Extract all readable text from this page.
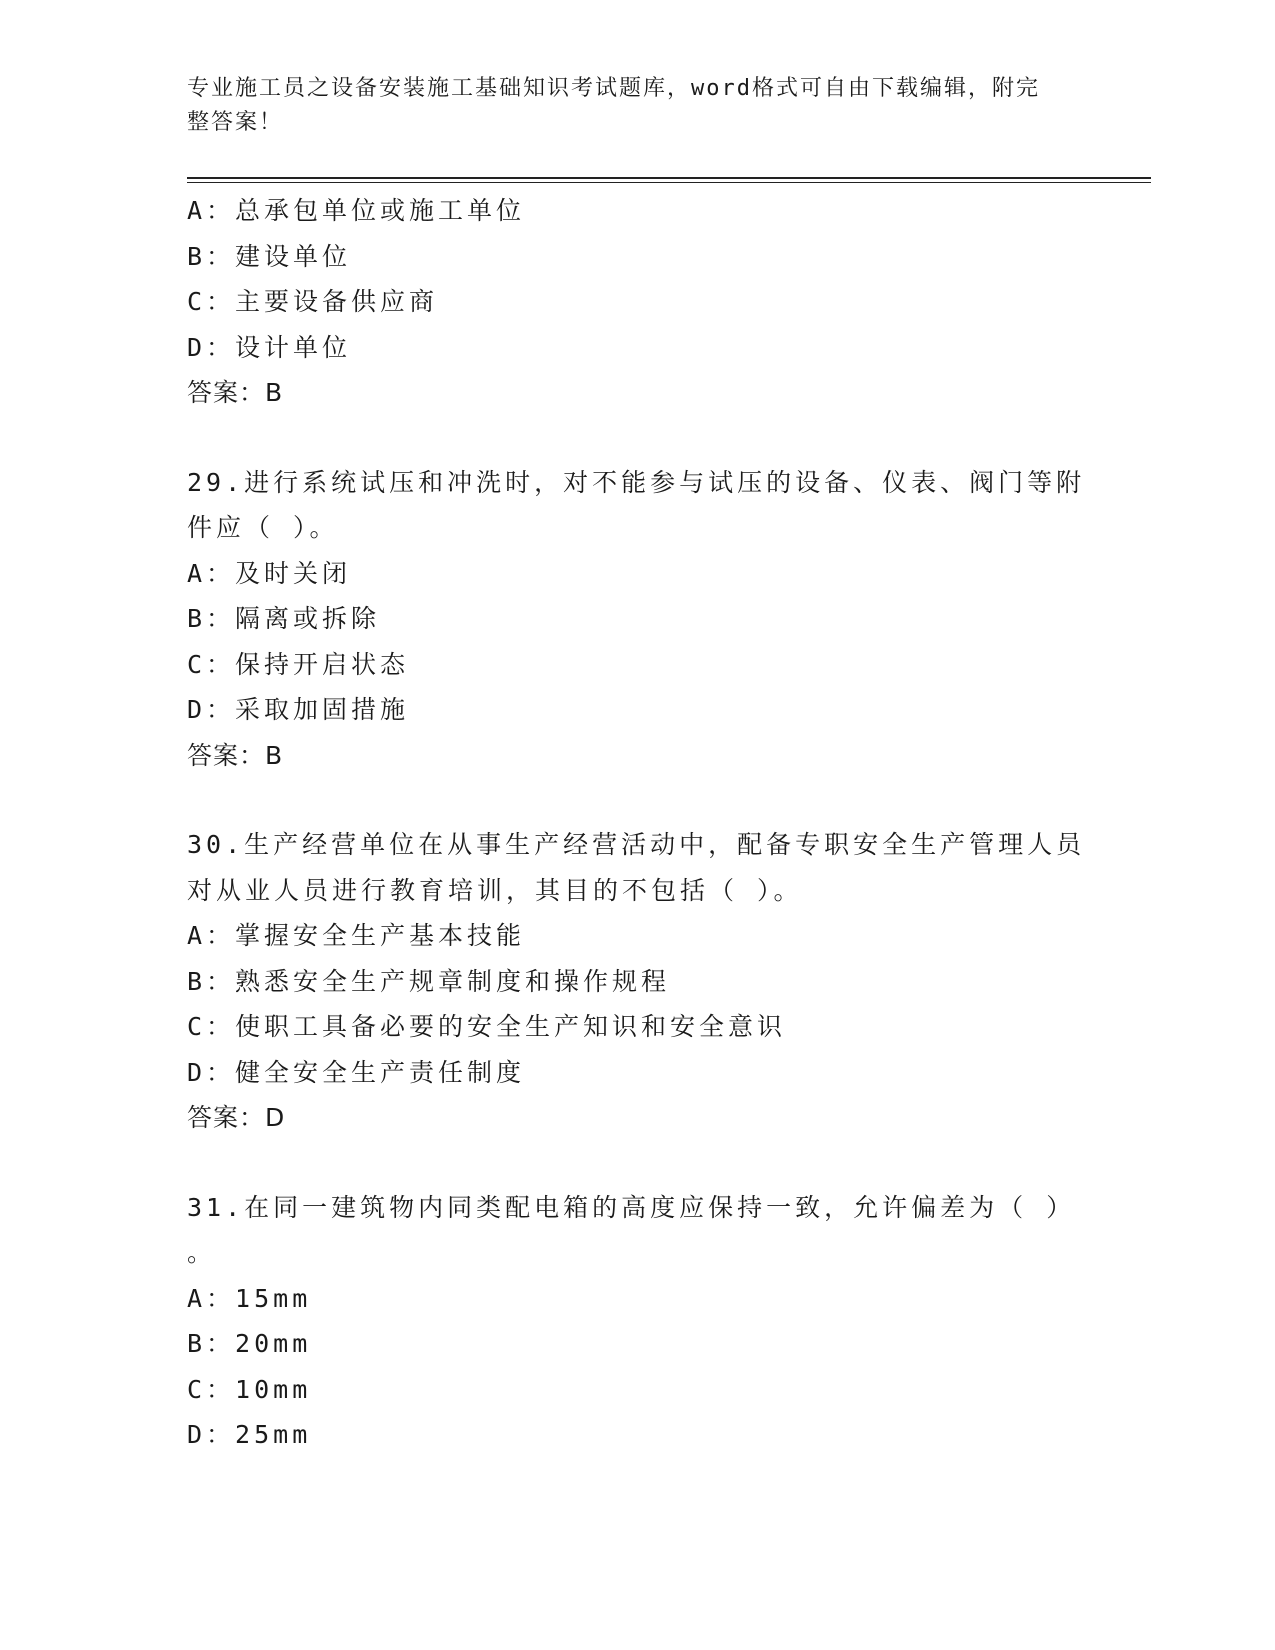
专业施工员之设备安装施工基础知识考试题库，word格式可自由下载编辑，附完
整答案！
A：总承包单位或施工单位
B：建设单位
C：主要设备供应商
D：设计单位
答案：B
29.进行系统试压和冲洗时，对不能参与试压的设备、仪表、阀门等附
件应（ ）。
A：及时关闭
B：隔离或拆除
C：保持开启状态
D：采取加固措施
答案：B
30.生产经营单位在从事生产经营活动中，配备专职安全生产管理人员
对从业人员进行教育培训，其目的不包括（ ）。
A：掌握安全生产基本技能
B：熟悉安全生产规章制度和操作规程
C：使职工具备必要的安全生产知识和安全意识
D：健全安全生产责任制度
答案：D
31.在同一建筑物内同类配电箱的高度应保持一致，允许偏差为（ ）
。
A：15mm
B：20mm
C：10mm
D：25mm
